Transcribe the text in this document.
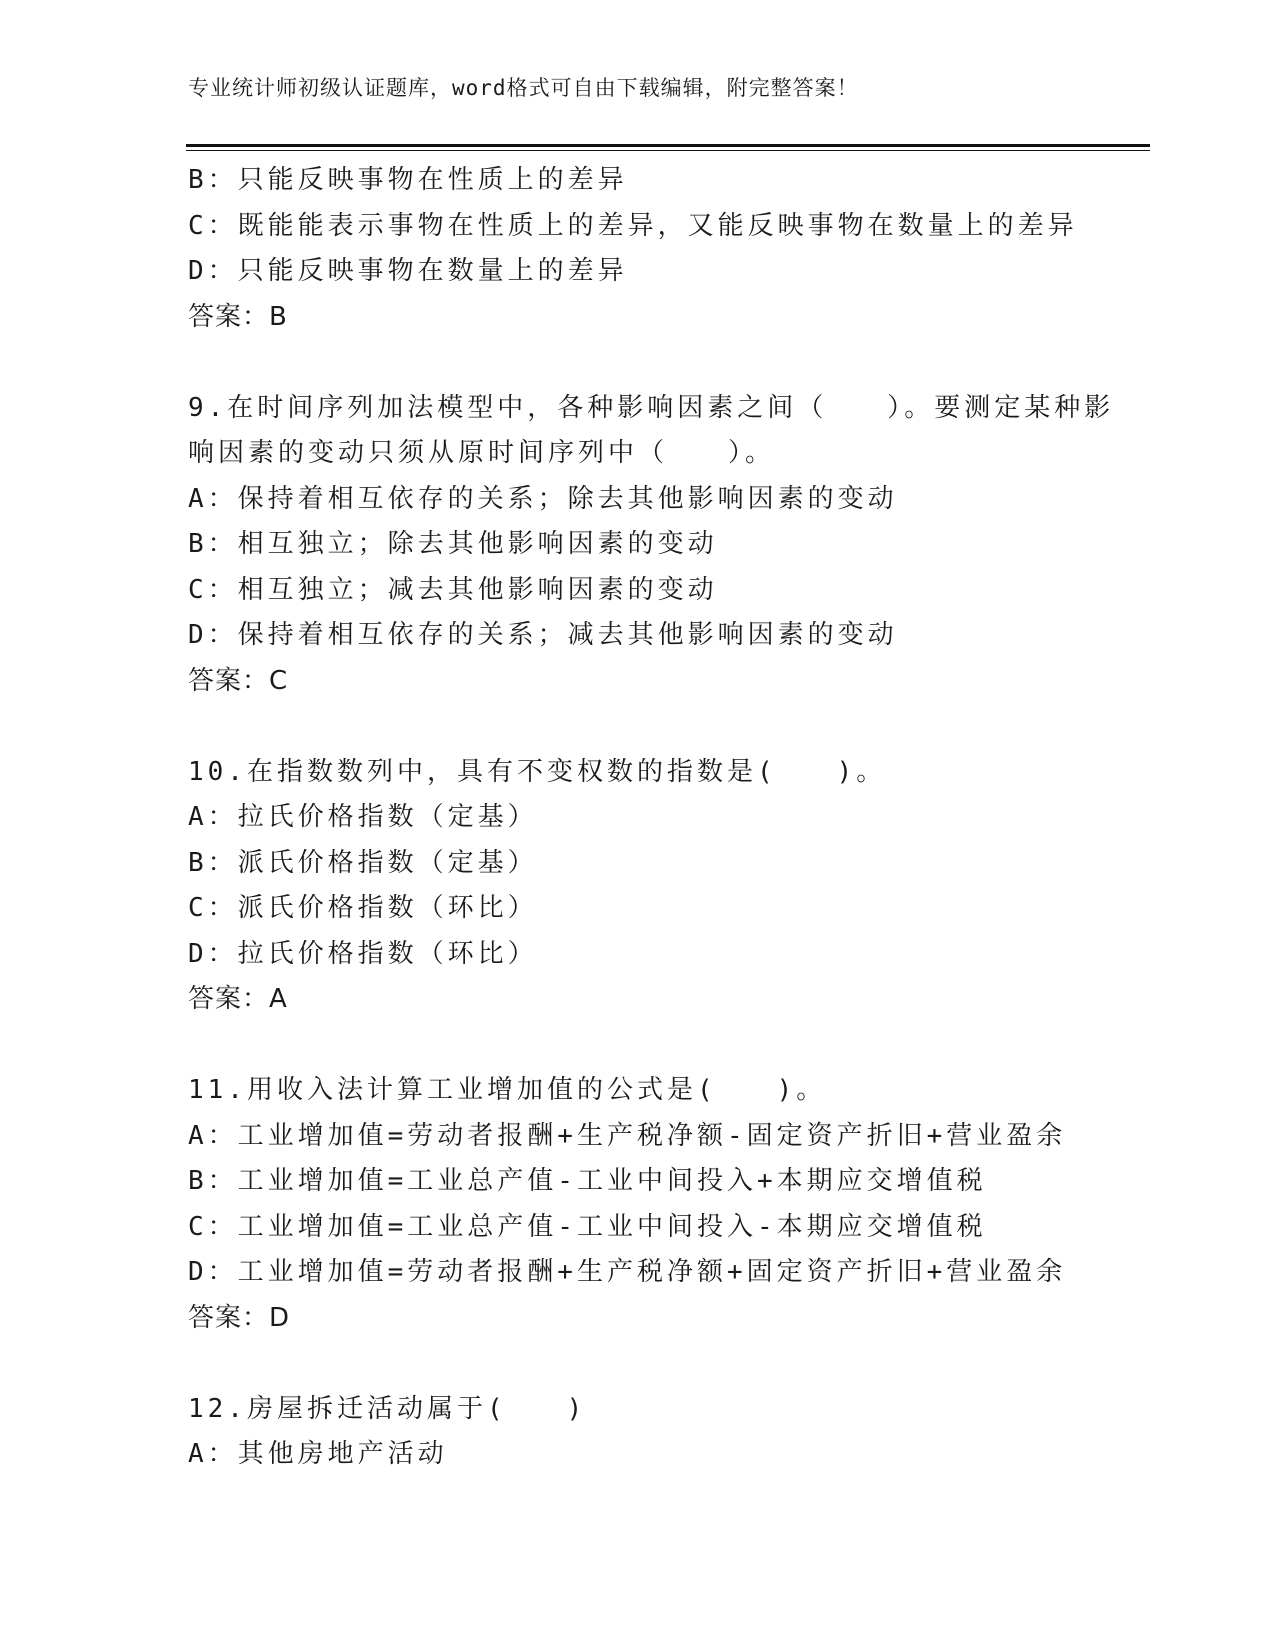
专业统计师初级认证题库，word格式可自由下载编辑，附完整答案！
B：只能反映事物在性质上的差异
C：既能能表示事物在性质上的差异，又能反映事物在数量上的差异
D：只能反映事物在数量上的差异
答案：B
9.在时间序列加法模型中，各种影响因素之间（　　）。要测定某种影
响因素的变动只须从原时间序列中（　　）。
A：保持着相互依存的关系；除去其他影响因素的变动
B：相互独立；除去其他影响因素的变动
C：相互独立；减去其他影响因素的变动
D：保持着相互依存的关系；减去其他影响因素的变动
答案：C
10.在指数数列中，具有不变权数的指数是(　　)。
A：拉氏价格指数（定基）
B：派氏价格指数（定基）
C：派氏价格指数（环比）
D：拉氏价格指数（环比）
答案：A
11.用收入法计算工业增加值的公式是(　　)。
A：工业增加值=劳动者报酬+生产税净额-固定资产折旧+营业盈余
B：工业增加值=工业总产值-工业中间投入+本期应交增值税
C：工业增加值=工业总产值-工业中间投入-本期应交增值税
D：工业增加值=劳动者报酬+生产税净额+固定资产折旧+营业盈余
答案：D
12.房屋拆迁活动属于(　　)
A：其他房地产活动
